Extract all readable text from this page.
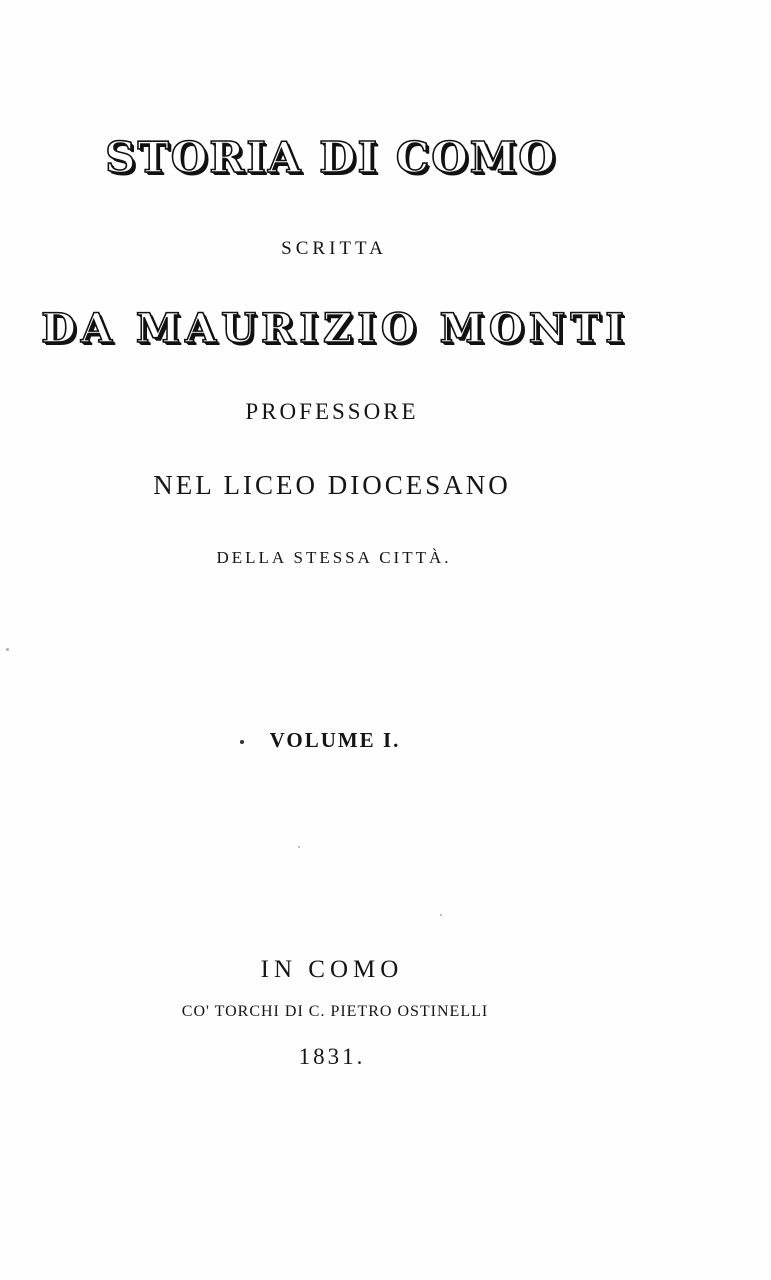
STORIA DI COMO
SCRITTA
DA MAURIZIO MONTI
PROFESSORE
NEL LICEO DIOCESANO
DELLA STESSA CITTÀ.
VOLUME I.
IN COMO
CO' TORCHI DI C. PIETRO OSTINELLI
1831.
